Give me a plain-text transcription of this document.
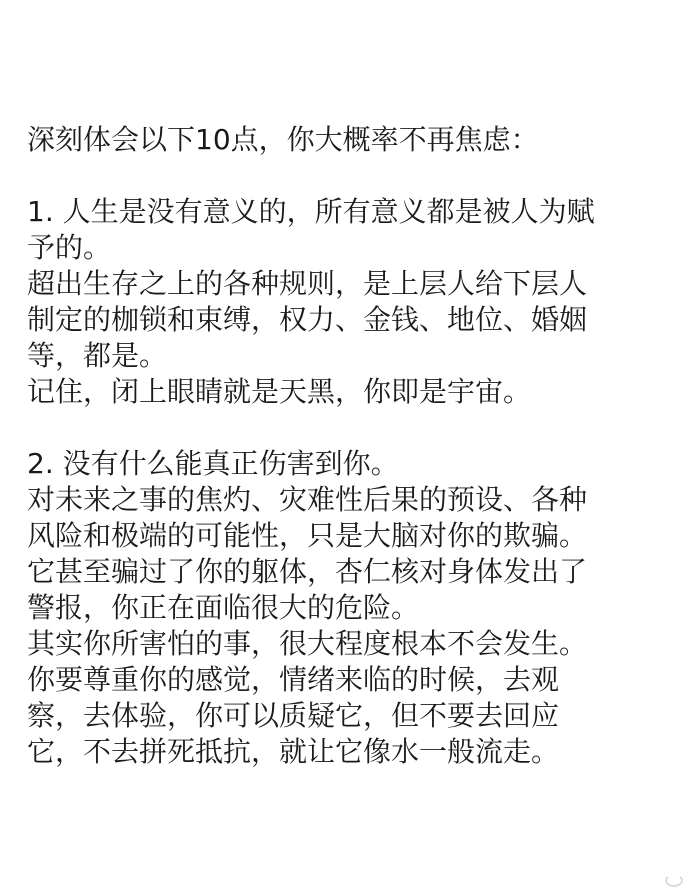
深刻体会以下10点，你大概率不再焦虑：
1. 人生是没有意义的，所有意义都是被人为赋
予的。
超出生存之上的各种规则，是上层人给下层人
制定的枷锁和束缚，权力、金钱、地位、婚姻
等，都是。
记住，闭上眼睛就是天黑，你即是宇宙。
2. 没有什么能真正伤害到你。
对未来之事的焦灼、灾难性后果的预设、各种
风险和极端的可能性，只是大脑对你的欺骗。
它甚至骗过了你的躯体，杏仁核对身体发出了
警报，你正在面临很大的危险。
其实你所害怕的事，很大程度根本不会发生。
你要尊重你的感觉，情绪来临的时候，去观
察，去体验，你可以质疑它，但不要去回应
它，不去拼死抵抗，就让它像水一般流走。
